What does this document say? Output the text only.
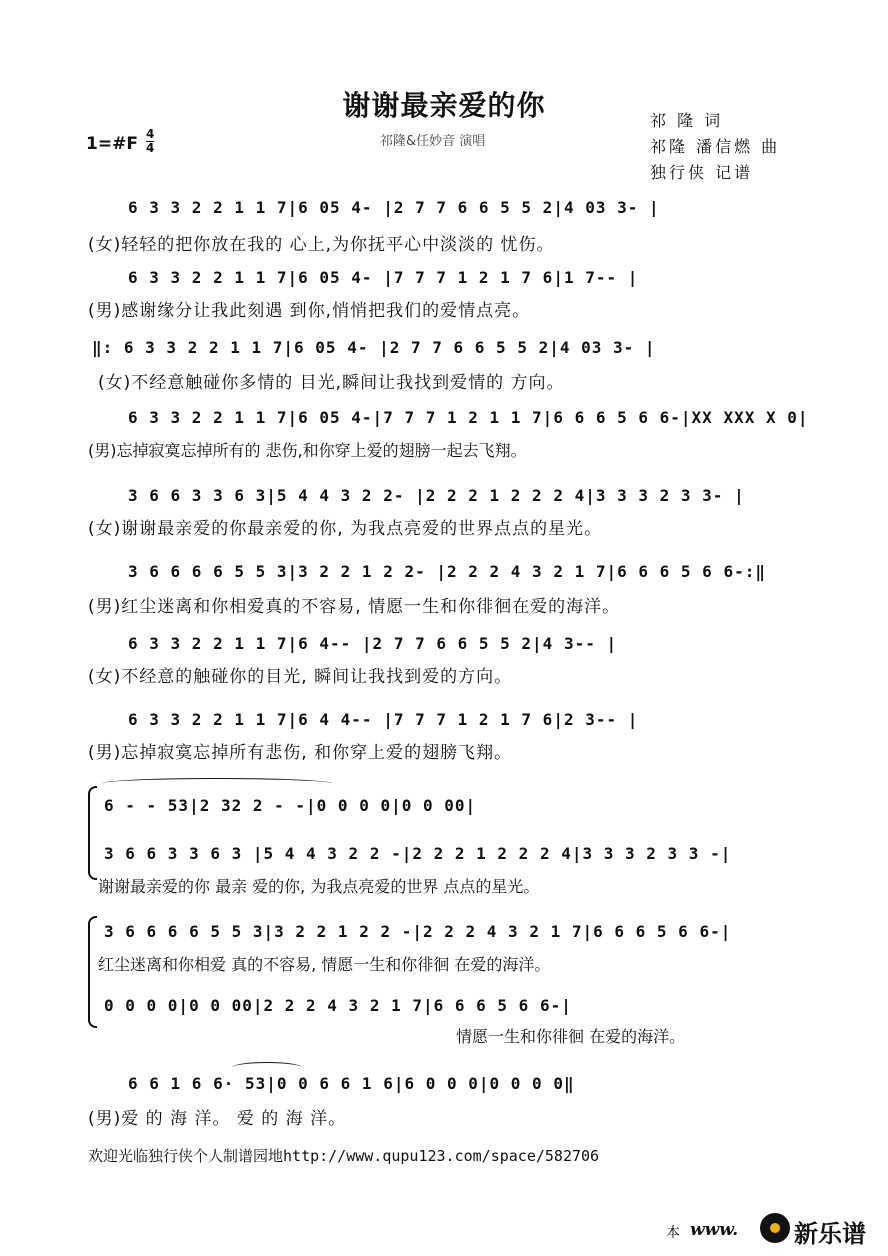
谢谢最亲爱的你
祁隆&任妙音 演唱
祁 隆 词
祁隆 潘信燃 曲
独行侠 记谱
1=#F 4
4
6 3 3 2 2 1 1 7|6 05 4- |2 7 7 6 6 5 5 2|4 03 3- |
(女)轻轻的把你放在我的 心上,为你抚平心中淡淡的 忧伤。
6 3 3 2 2 1 1 7|6 05 4- |7 7 7 1 2 1 7 6|1 7-- |
(男)感谢缘分让我此刻遇 到你,悄悄把我们的爱情点亮。
‖: 6 3 3 2 2 1 1 7|6 05 4- |2 7 7 6 6 5 5 2|4 03 3- |
(女)不经意触碰你多情的 目光,瞬间让我找到爱情的 方向。
6 3 3 2 2 1 1 7|6 05 4-|7 7 7 1 2 1 1 7|6 6 6 5 6 6-|XX XXX X 0|
(男)忘掉寂寞忘掉所有的 悲伤,和你穿上爱的翅膀一起去飞翔。
3 6 6 3 3 6 3|5 4 4 3 2 2- |2 2 2 1 2 2 2 4|3 3 3 2 3 3- |
(女)谢谢最亲爱的你最亲爱的你, 为我点亮爱的世界点点的星光。
3 6 6 6 6 5 5 3|3 2 2 1 2 2- |2 2 2 4 3 2 1 7|6 6 6 5 6 6-:‖
(男)红尘迷离和你相爱真的不容易, 情愿一生和你徘徊在爱的海洋。
6 3 3 2 2 1 1 7|6 4-- |2 7 7 6 6 5 5 2|4 3-- |
(女)不经意的触碰你的目光, 瞬间让我找到爱的方向。
6 3 3 2 2 1 1 7|6 4 4-- |7 7 7 1 2 1 7 6|2 3-- |
(男)忘掉寂寞忘掉所有悲伤, 和你穿上爱的翅膀飞翔。
6 - - 53|2 32 2 - -|0 0 0 0|0 0 00|
3 6 6 3 3 6 3 |5 4 4 3 2 2 -|2 2 2 1 2 2 2 4|3 3 3 2 3 3 -|
谢谢最亲爱的你 最亲 爱的你, 为我点亮爱的世界 点点的星光。
3 6 6 6 6 5 5 3|3 2 2 1 2 2 -|2 2 2 4 3 2 1 7|6 6 6 5 6 6-|
红尘迷离和你相爱 真的不容易, 情愿一生和你徘徊 在爱的海洋。
0 0 0 0|0 0 00|2 2 2 4 3 2 1 7|6 6 6 5 6 6-|
情愿一生和你徘徊 在爱的海洋。
6 6 1 6 6· 53|0 0 6 6 1 6|6 0 0 0|0 0 0 0‖
(男)爱 的 海 洋。 爱 的 海 洋。
欢迎光临独行侠个人制谱园地http://www.qupu123.com/space/582706
本 www. 新乐谱
